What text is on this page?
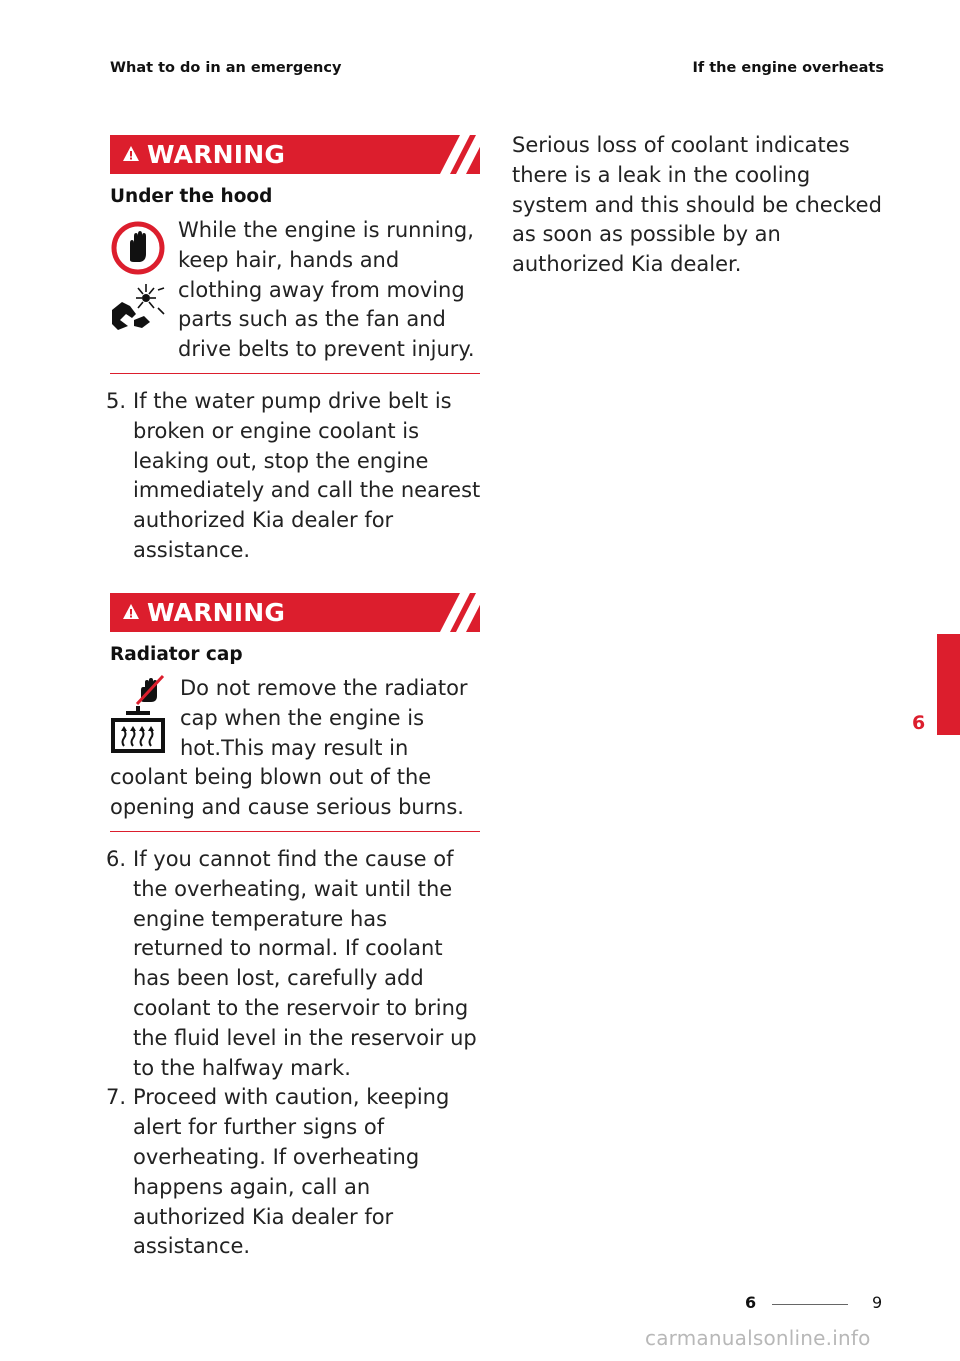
What to do in an emergency	If the engine overheats
WARNING
Under the hood
While the engine is running, keep hair, hands and clothing away from moving parts such as the fan and drive belts to prevent injury.
5. If the water pump drive belt is broken or engine coolant is leaking out, stop the engine immediately and call the nearest authorized Kia dealer for assistance.
WARNING
Radiator cap
Do not remove the radiator cap when the engine is hot.This may result in coolant being blown out of the opening and cause serious burns.
6. If you cannot find the cause of the overheating, wait until the engine temperature has returned to normal. If coolant has been lost, carefully add coolant to the reservoir to bring the fluid level in the reservoir up to the halfway mark.
7. Proceed with caution, keeping alert for further signs of overheating. If overheating happens again, call an authorized Kia dealer for assistance.
Serious loss of coolant indicates there is a leak in the cooling system and this should be checked as soon as possible by an authorized Kia dealer.
6
6	9
carmanualsonline.info
